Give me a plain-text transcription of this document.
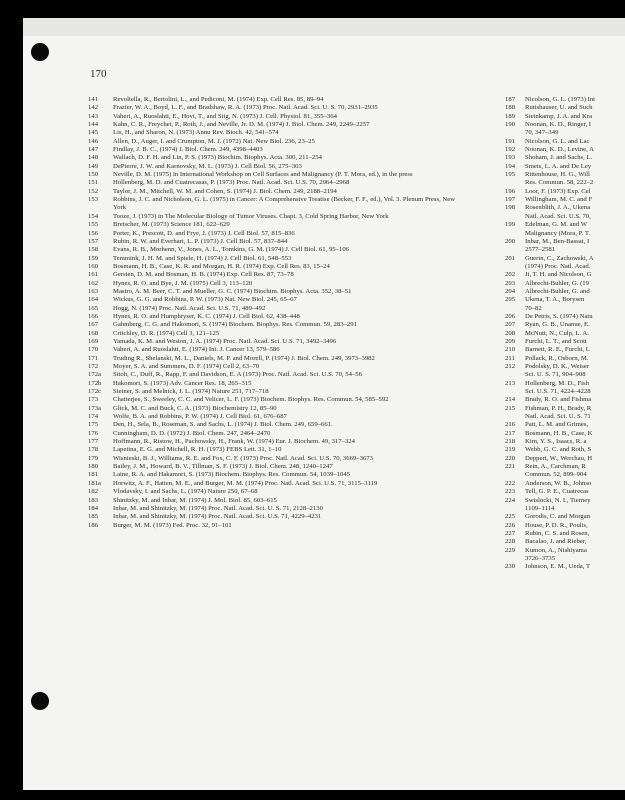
170
141	Revoltella, R., Bertolini, L., and Pediconi, M. (1974) Exp. Cell Res. 85, 89–94
142	Frazier, W. A., Boyd, L. F., and Bradshaw, R. A. (1973) Proc. Natl. Acad. Sci. U. S. 70, 2931–2935
143	Vaheri, A., Ruoslahti, E., Hovi, T., and Stig, N. (1973) J. Cell. Physiol. 81, 355–364
144	Kahn, C. R., Freychet, P., Roth, J., and Neville, Jr. D. M. (1974) J. Biol. Chem. 249, 2249–2257
145	Lis, H., and Sharon, N. (1973) Annu Rev. Bioch. 42, 541–574
146	Allen, D., Auger, I. and Crumpton, M. J. (1972) Nat. New Biol. 236, 23–25
147	Findlay, J. B. C., (1974) J. Biol. Chem. 249, 4398–4403
148	Wallach, D. F. H. and Lin, P. S. (1973) Biochim. Biophys. Acta. 300, 211–254
149	DePierre, J. W. and Karnovsky, M. L. (1973) J. Cell Biol. 56, 275–303
150	Neville, D. M. (1975) in International Workshop on Cell Surfaces and Malignancy (P. T. Mora, ed.), in the press
151	Hollenberg, M. D. and Cuatrecasas, P. (1973) Proc. Natl. Acad. Sci. U.S. 70, 2964–2968
152	Taylor, J. M., Mitchell, W. M. and Cohen, S. (1974) J. Biol. Chem. 249, 2188–2194
153	Robbins, J. C. and Nicholson, G. L. (1975) in Cancer: A Comprehensive Treatise (Becker, F. F., ed.), Vol. 3. Plenum Press, New York
154	Tooze, J. (1973) in The Molecular Biology of Tumor Viruses. Chapt. 3, Cold Spring Harbor, New York
155	Bretscher, M. (1973) Science 181, 622–629
156	Porter, K., Prescott, D. and Frye, J. (1973) J. Cell Biol. 57, 815–836
157	Rubin, R. W. and Everhart, L. P. (1973) J. Cell Biol. 57, 837–844
158	Evans, R. B., Morhenn, V., Jones, A. L., Tomkins, G. M. (1974) J. Cell Biol. 61, 95–106
159	Temmink, J. H. M. and Spiele, H. (1974) J. Cell Biol. 61, 548–553
160	Bosmann, H. B., Case, K. R. and Morgan, H. R. (1974) Exp. Cell Res. 83, 15–24
161	Gersten, D. M. and Bosman, H. B. (1974) Exp. Cell Res. 87, 73–78
162	Hynes, R. O. and Bye, J. M. (1975) Cell 3, 113–120
163	Mastro, A. M. Beer, C. T. and Mueller, G. C. (1974) Biochim. Biophys. Acta. 352, 38–51
164	Wickus, G. G. and Robbins, P. W. (1973) Nat. New Biol. 245, 65–67
165	Hogg, N. (1974) Proc. Natl. Acad. Sci. U.S. 71, 489–492
166	Hynes, R. O. and Humphryser, K. C. (1974) J. Cell Biol. 62, 438–448
167	Gahmberg, C. G. and Hakomori, S. (1974) Biochem. Biophys. Res. Commun. 59, 283–291
168	Critchley, D. R. (1974) Cell 3, 121–125
169	Yamada, K. M. and Weston, J. A. (1974) Proc. Natl. Acad. Sci. U.S. 71, 3492–3496
170	Vaheri, A. and Ruoslahti, E. (1974) Int. J. Cancer 13, 579–586
171	Truding R., Shelanski, M. L., Daniels, M. P. and Morell, P. (1974) J. Biol. Chem. 249, 3973–3982
172	Moyer, S. A. and Summers, D. F. (1974) Cell 2, 63–70
172a	Sitoh, C., Duff, R., Rapp, F. and Davidson, E. A (1973) Proc. Natl. Acad. Sci. U.S. 70, 54–56
172b	Hakomori, S. (1973) Adv. Cancer Res. 18, 265–315
172c	Steiner, S. and Melnick, J. L. (1974) Nature 251, 717–718
173	Chatterjee, S., Sweeley, C. C. and Velicer, L. F. (1973) Biochem. Biophys. Res. Commun. 54, 585–592
173a	Glick, M. C. and Buck, C. A. (1973) Biochemistry 12, 85–90
174	Wolfe, B. A. and Robbins, P. W. (1974) J. Cell Biol. 61, 676–687
175	Den, H., Sela, B., Roseman, S. and Sachs, L. (1974) J. Biol. Chem. 249, 659–661.
176	Cunningham, D. D. (1972) J. Biol. Chem. 247, 2464–2470
177	Hoffmann, R., Ristow, H., Pachowsky, H., Frank, W. (1974) Eur. J. Biochem. 49, 317–324
178	Lapetina, E. G. and Michell, R. H. (1973) FEBS Lett. 31, 1–10
179	Wisnieski, B. J., Williams, R. E. and Fox, C. F. (1973) Proc. Natl. Acad. Sci. U.S. 70, 3669–3673
180	Bailey, J. M., Howard, B. V., Tillman, S. F. (1973) J. Biol. Chem. 248, 1240–1247
181	Laine, R. A. and Hakamori, S. (1973) Biochem. Biophys. Res. Commun. 54, 1039–1045
181a	Horwitz, A. F., Hatten, M. E., and Burger, M. M. (1974) Proc. Natl. Acad. Sci. U.S. 71, 3115–3119
182	Vlodavsky, I. and Sachs, L. (1974) Nature 250, 67–68
183	Shinitzky, M. and Inbar, M. (1974) J. Mol. Biol. 85, 603–615
184	Inbar, M. and Shinitzky, M. (1974) Proc. Natl. Acad. Sci. U. S. 71, 2128–2130
185	Inbar, M. and Shinitzky, M. (1974) Proc. Natl. Acad. Sci. U.S. 71, 4229–4231
186	Burger, M. M. (1973) Fed. Proc. 32, 91–101
187	Nicolson, G. L. (1973) Int
188	Rutishauser, U. and Such
189	Steinkamp, J. A. and Kra
190	Noonan, K. D., Ringer, I
70, 347–349
191	Nicolson, G. L. and Lac
192	Noonan, K. D., Levine, A
193	Shoham, J. and Sachs, L.
194	Smets, L. A. and De Ley
195	Rittenhouse, H. G., Will
Res. Commun. 58, 222–2
196	Loor, F. (1973) Exp. Cel
197	Willingham, M. C. and F
198	Rosenblith, J. A., Ukena
Natl. Acad. Sci. U.S. 70,
199	Edelman, G. M. and W
Malignancy (Mora, P. T.
200	Inbar, M., Ben-Bassat, I
2577–2581
201	Guerin, C., Zachowski, A
(1974) Proc. Natl. Acad.
202	Ji, T. H. and Nicolson, G
203	Albrecht-Buhler, G. (19
204	Albrecht-Buhler, G. and
205	Ukena, T. A., Borysen
70–82
206	De Petris, S. (1974) Natu
207	Ryan, G. B., Unanue, E.
208	McNutt, N., Culp, L. A.
209	Furcht, L. T., and Scott
210	Barnett, R. E., Furcht, L
211	Pollack, R., Osborn, M.
212	Podolsky, D. K., Weiser
Sci. U. S. 71, 904–908
213	Hollenberg, M. D., Fish
Sci. U.S. 71, 4224–4228
214	Brady, R. O. and Fishma
215	Fishman, P. H., Brady, R
Natl. Acad. Sci. U. S. 71
216	Patt, L. M. and Grimes,
217	Bosmann, H. B., Case, K
218	Kim, Y. S., Isaacs, R. a
219	Webb, G. C. and Roth, S
220	Deppert, W., Werchau, H
221	Rein, A., Carchman, R
Commun. 52, 899–904
222	Anderson, W. B., Johnso
223	Tell, G. P. E., Cuatrecas
224	Swislocki, N. I., Tierney
1109–1114
225	Gorodis, C. and Morgan
226	House, P. D. R., Poulis,
227	Rubin, C. S. and Rosen,
228	Bacalao, J. and Rieber,
229	Kumon, A., Nishiyama
3726–3735
230	Johnson, E. M., Ueda, T
